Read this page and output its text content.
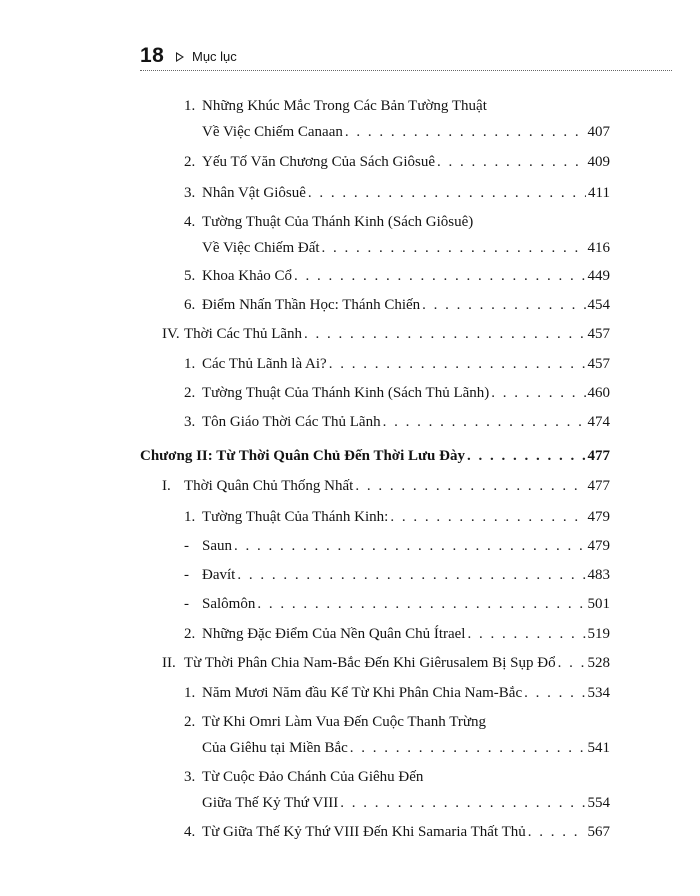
18 Mục lục
1. Những Khúc Mắc Trong Các Bản Tường Thuật
Về Việc Chiếm Canaan . . .	407
2. Yếu Tố Văn Chương Của Sách Giôsuê . . .	409
3. Nhân Vật Giôsuê . . .	411
4. Tường Thuật Của Thánh Kinh (Sách Giôsuê)
Về Việc Chiếm Đất . . .	416
5. Khoa Khảo Cổ . . .	449
6. Điểm Nhấn Thần Học: Thánh Chiến . . .	454
IV. Thời Các Thủ Lãnh . . .	457
1. Các Thủ Lãnh là Ai? . . .	457
2. Tường Thuật Của Thánh Kinh (Sách Thủ Lãnh) . . .	460
3. Tôn Giáo Thời Các Thủ Lãnh . . .	474
Chương II: Từ Thời Quân Chủ Đến Thời Lưu Đày . . .	477
I. Thời Quân Chủ Thống Nhất . . .	477
1. Tường Thuật Của Thánh Kinh: . . .	479
- Saun . . .	479
- Đavít . . .	483
- Salômôn . . .	501
2. Những Đặc Điểm Của Nền Quân Chủ Ítrael . . .	519
II. Từ Thời Phân Chia Nam-Bắc Đến Khi Giêrusalem Bị Sụp Đổ . . . 528
1. Năm Mươi Năm đầu Kể Từ Khi Phân Chia Nam-Bắc . . .	534
2. Từ Khi Omri Làm Vua Đến Cuộc Thanh Trừng
Của Giêhu tại Miền Bắc . . .	541
3. Từ Cuộc Đảo Chánh Của Giêhu Đến
Giữa Thế Kỷ Thứ VIII . . .	554
4. Từ Giữa Thế Kỷ Thứ VIII Đến Khi Samaria Thất Thủ . . .	567
